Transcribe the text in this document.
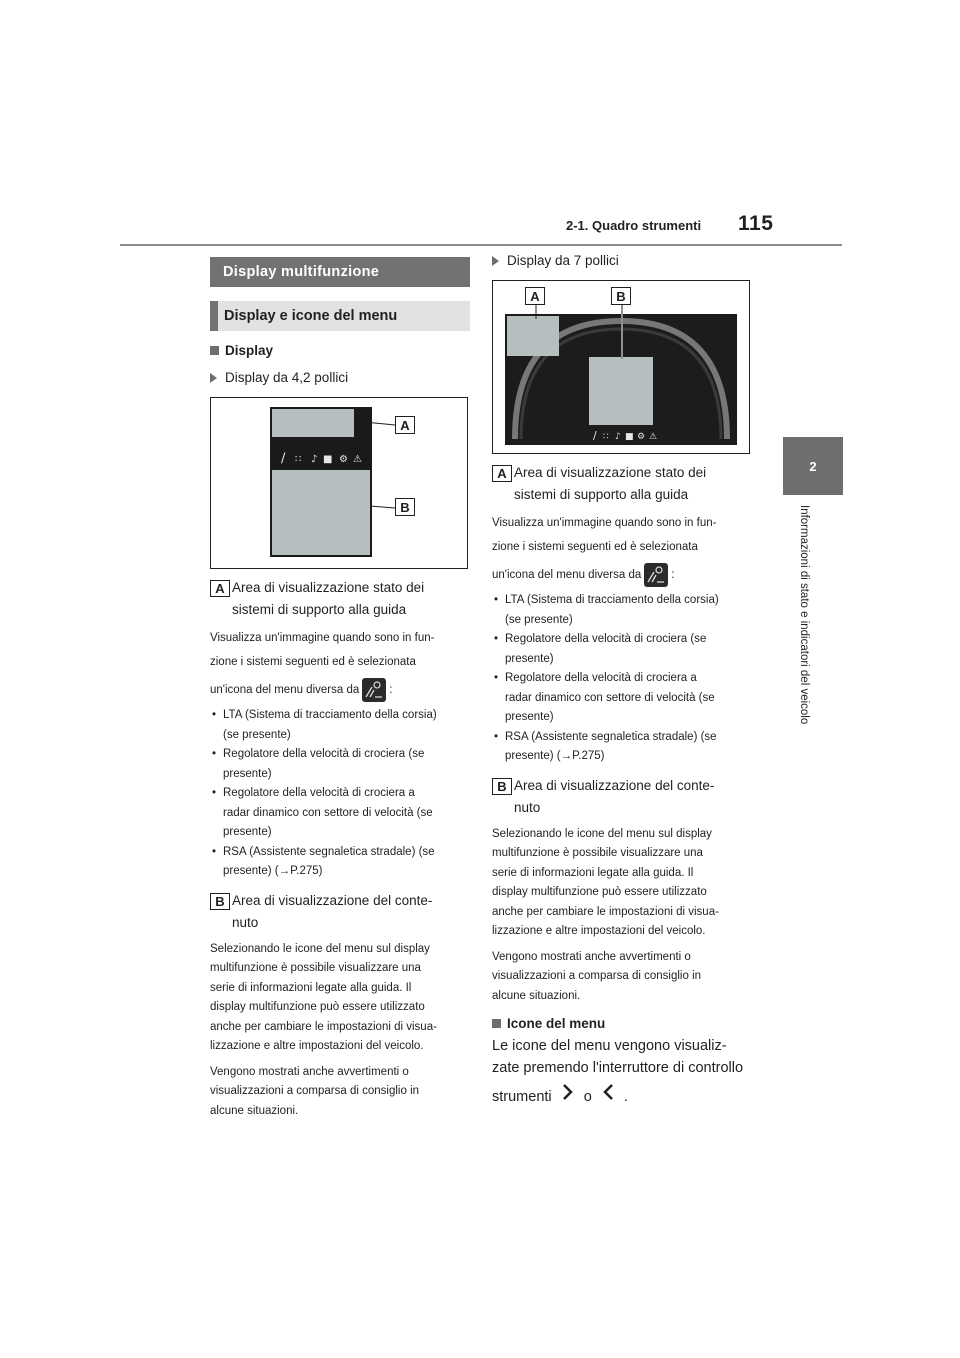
2-1. Quadro strumenti 115
2
Informazioni di stato e indicatori del veicolo
Display multifunzione
Display e icone del menu
Display
Display da 4,2 pollici
∕ ∷ ♪ ■ ⚙ ⚠
A
B
A Area di visualizzazione stato dei
sistemi di supporto alla guida
Visualizza un'immagine quando sono in fun-
zione i sistemi seguenti ed è selezionata
un'icona del menu diversa da	:
• LTA (Sistema di tracciamento della corsia)
(se presente)
• Regolatore della velocità di crociera (se
presente)
• Regolatore della velocità di crociera a
radar dinamico con settore di velocità (se
presente)
• RSA (Assistente segnaletica stradale) (se
presente) (→P.275)
B Area di visualizzazione del conte-
nuto
Selezionando le icone del menu sul display
multifunzione è possibile visualizzare una
serie di informazioni legate alla guida. Il
display multifunzione può essere utilizzato
anche per cambiare le impostazioni di visua-
lizzazione e altre impostazioni del veicolo.
Vengono mostrati anche avvertimenti o
visualizzazioni a comparsa di consiglio in
alcune situazioni.
Display da 7 pollici
∕ ∷ ♪ ■ ⚙ ⚠
A	B
A Area di visualizzazione stato dei
sistemi di supporto alla guida
Visualizza un'immagine quando sono in fun-
zione i sistemi seguenti ed è selezionata
un'icona del menu diversa da	:
• LTA (Sistema di tracciamento della corsia)
(se presente)
• Regolatore della velocità di crociera (se
presente)
• Regolatore della velocità di crociera a
radar dinamico con settore di velocità (se
presente)
• RSA (Assistente segnaletica stradale) (se
presente) (→P.275)
B Area di visualizzazione del conte-
nuto
Selezionando le icone del menu sul display
multifunzione è possibile visualizzare una
serie di informazioni legate alla guida. Il
display multifunzione può essere utilizzato
anche per cambiare le impostazioni di visua-
lizzazione e altre impostazioni del veicolo.
Vengono mostrati anche avvertimenti o
visualizzazioni a comparsa di consiglio in
alcune situazioni.
Icone del menu
Le icone del menu vengono visualiz-
zate premendo l'interruttore di controllo
strumenti o .
